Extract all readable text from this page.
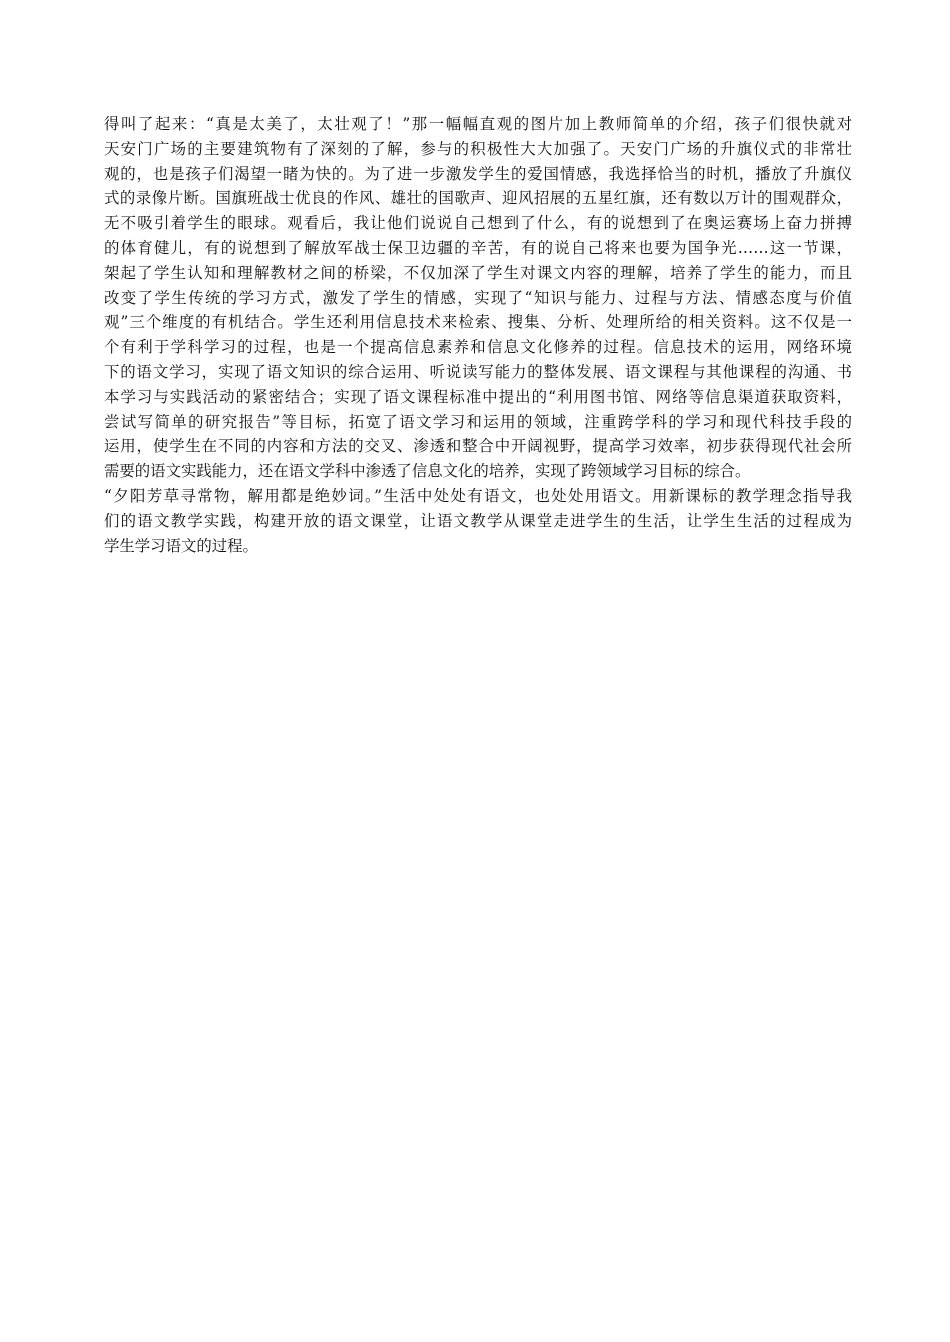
得叫了起来：“真是太美了，太壮观了！”那一幅幅直观的图片加上教师简单的介绍，孩子们很快就对
天安门广场的主要建筑物有了深刻的了解，参与的积极性大大加强了。天安门广场的升旗仪式的非常壮
观的，也是孩子们渴望一睹为快的。为了进一步激发学生的爱国情感，我选择恰当的时机，播放了升旗仪
式的录像片断。国旗班战士优良的作风、雄壮的国歌声、迎风招展的五星红旗，还有数以万计的围观群众，
无不吸引着学生的眼球。观看后，我让他们说说自己想到了什么，有的说想到了在奥运赛场上奋力拼搏
的体育健儿，有的说想到了解放军战士保卫边疆的辛苦，有的说自己将来也要为国争光……这一节课，
架起了学生认知和理解教材之间的桥梁，不仅加深了学生对课文内容的理解，培养了学生的能力，而且
改变了学生传统的学习方式，激发了学生的情感，实现了“知识与能力、过程与方法、情感态度与价值
观”三个维度的有机结合。学生还利用信息技术来检索、搜集、分析、处理所给的相关资料。这不仅是一
个有利于学科学习的过程，也是一个提高信息素养和信息文化修养的过程。信息技术的运用，网络环境
下的语文学习，实现了语文知识的综合运用、听说读写能力的整体发展、语文课程与其他课程的沟通、书
本学习与实践活动的紧密结合；实现了语文课程标准中提出的“利用图书馆、网络等信息渠道获取资料，
尝试写简单的研究报告”等目标，拓宽了语文学习和运用的领域，注重跨学科的学习和现代科技手段的
运用，使学生在不同的内容和方法的交叉、渗透和整合中开阔视野，提高学习效率，初步获得现代社会所
需要的语文实践能力，还在语文学科中渗透了信息文化的培养，实现了跨领域学习目标的综合。
“夕阳芳草寻常物，解用都是绝妙词。”生活中处处有语文，也处处用语文。用新课标的教学理念指导我
们的语文教学实践，构建开放的语文课堂，让语文教学从课堂走进学生的生活，让学生生活的过程成为
学生学习语文的过程。
